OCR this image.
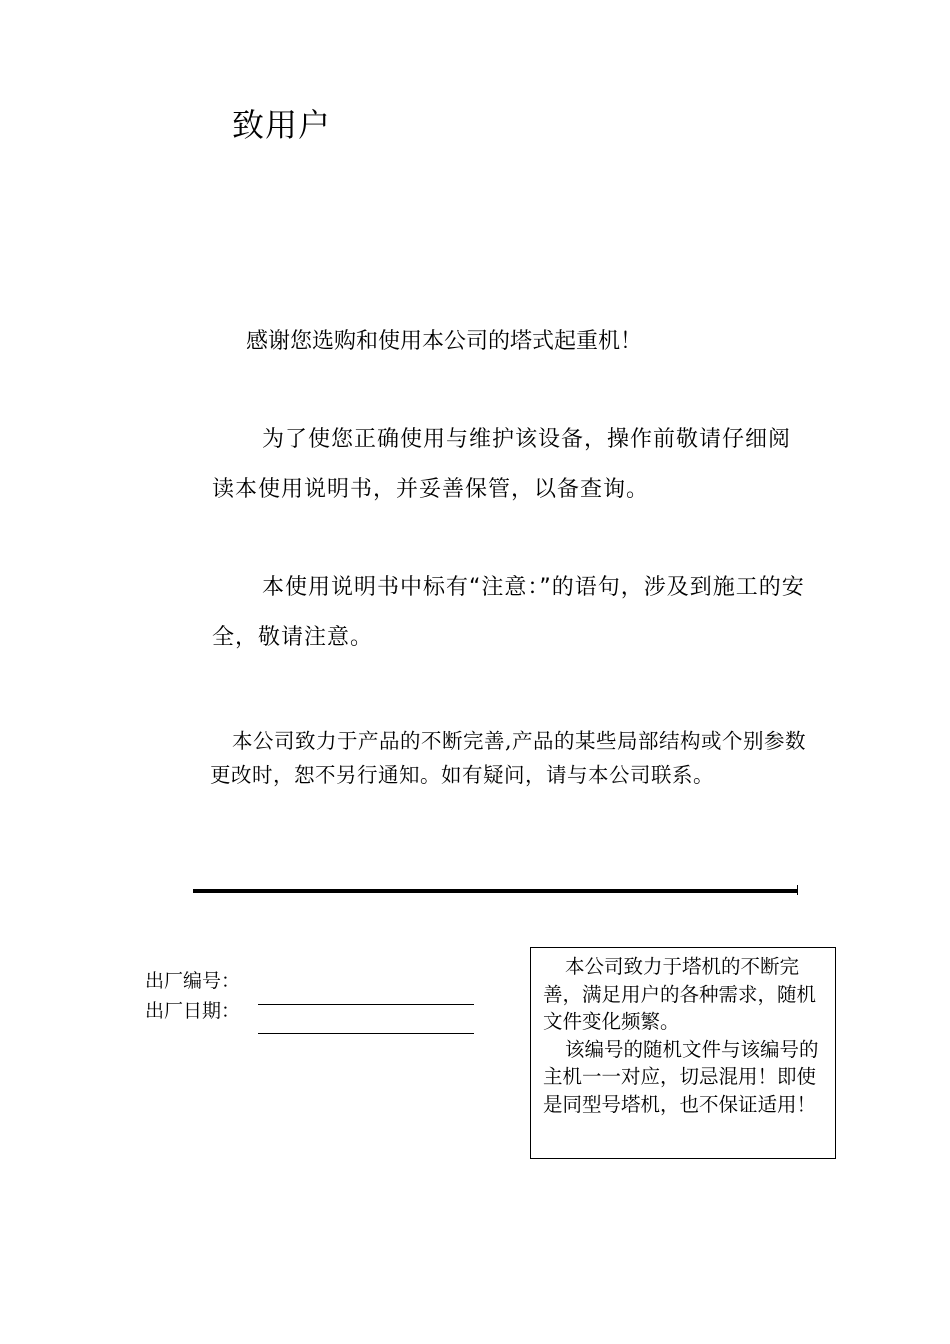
致用户
感谢您选购和使用本公司的塔式起重机！
为了使您正确使用与维护该设备，操作前敬请仔细阅读本使用说明书，并妥善保管，以备查询。
本使用说明书中标有“注意：”的语句，涉及到施工的安全，敬请注意。
本公司致力于产品的不断完善,产品的某些局部结构或个别参数更改时，恕不另行通知。如有疑问，请与本公司联系。
出厂编号：
出厂日期：

本公司致力于塔机的不断完善，满足用户的各种需求，随机文件变化频繁。

该编号的随机文件与该编号的主机一一对应，切忌混用！即使是同型号塔机，也不保证适用！
